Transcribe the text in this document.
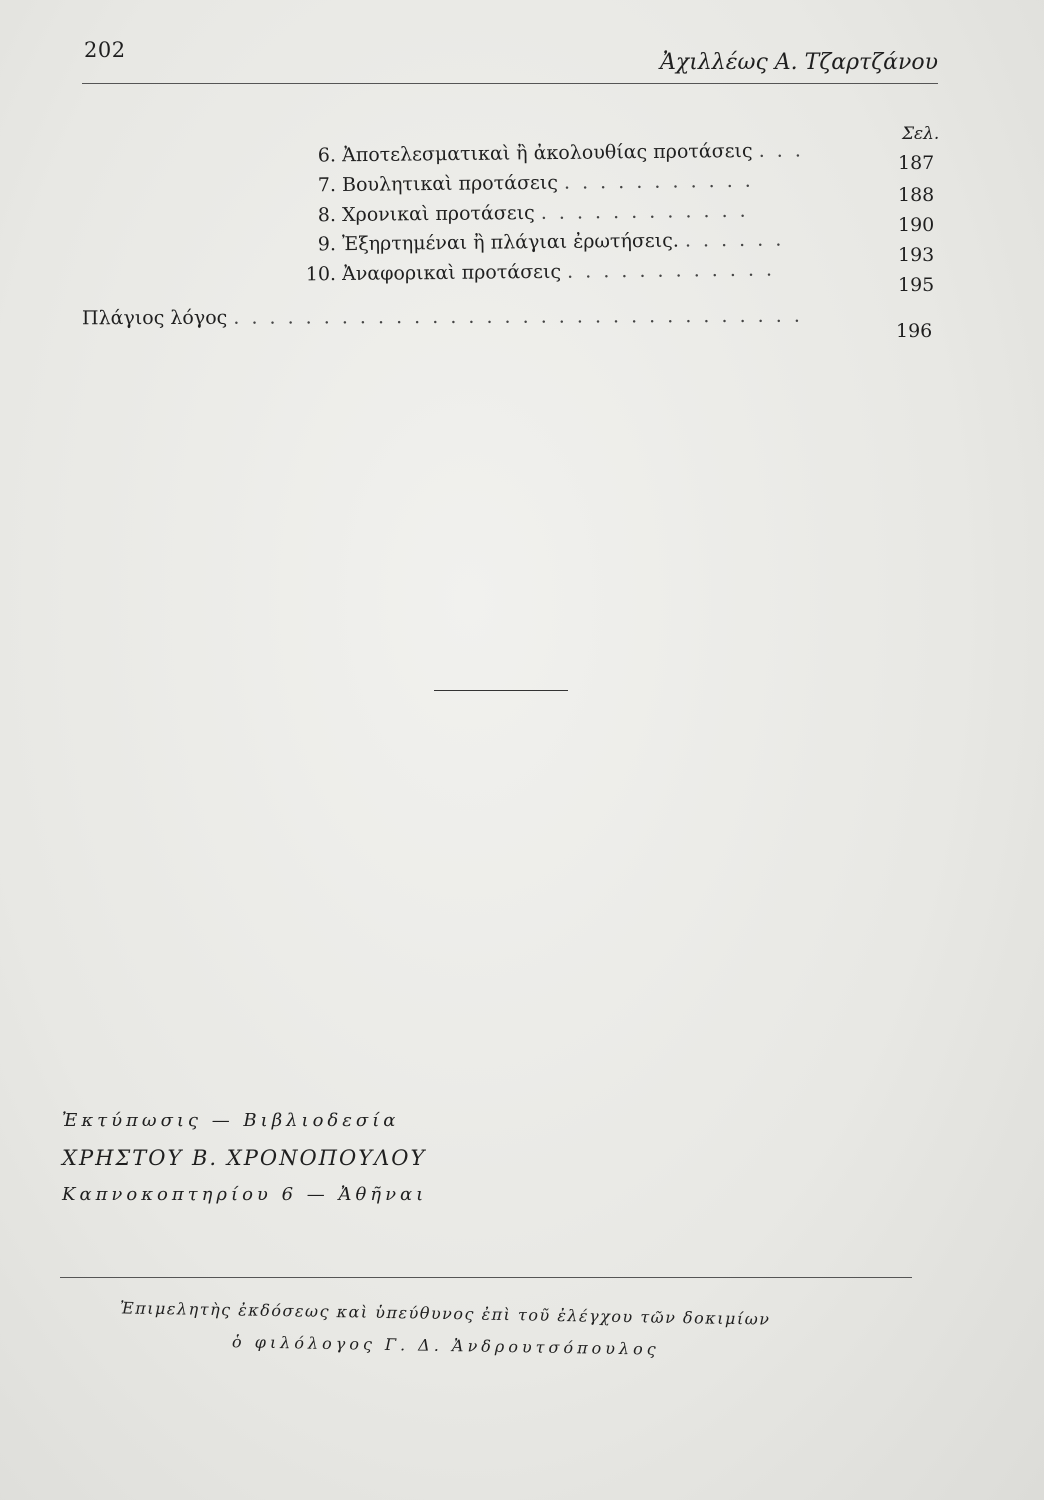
202	Ἀχιλλέως Α. Τζαρτζάνου
Σελ.
6. Ἀποτελεσματικαὶ ἢ ἀκολουθίας προτάσεις . . .
187
7. Βουλητικαὶ προτάσεις . . . . . . . . . . .
188
8. Χρονικαὶ προτάσεις . . . . . . . . . . . .
190
9. Ἐξηρτημέναι ἢ πλάγιαι ἐρωτήσεις. . . . . . .
193
10. Ἀναφορικαὶ προτάσεις . . . . . . . . . . . .
195
Πλάγιος λόγος . . . . . . . . . . . . . . . . . . . . . . . . . . . . . . . .
196
Ἐκτύπωσις — Βιβλιοδεσία
ΧΡΗΣΤΟΥ Β. ΧΡΟΝΟΠΟΥΛΟΥ
Καπνοκοπτηρίου 6 — Ἀθῆναι
Ἐπιμελητὴς ἐκδόσεως καὶ ὑπεύθυνος ἐπὶ τοῦ ἐλέγχου τῶν δοκιμίων
ὁ φιλόλογος Γ. Δ. Ἀνδρουτσόπουλος
